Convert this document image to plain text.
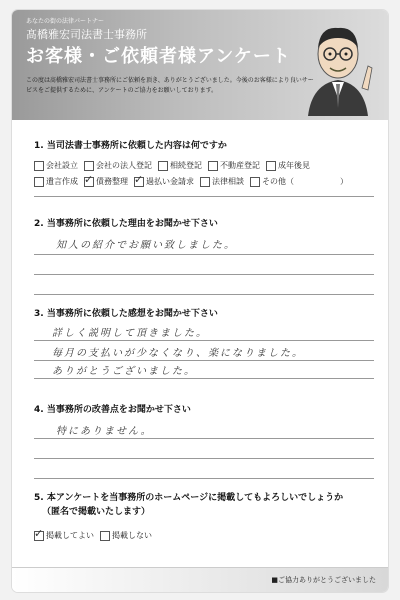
あなたの街の法律パートナー
髙橋雅宏司法書士事務所
お客様・ご依頼者様アンケート
この度は髙橋雅宏司法書士事務所にご依頼を頂き、ありがとうございました。今後のお客様により良いサービスをご提供するために、アンケートのご協力をお願いしております。
1. 当司法書士事務所に依頼した内容は何ですか
会社設立 会社の法人登記 相続登記 不動産登記 成年後見
遺言作成 ✓ 債務整理 ✓ 過払い金請求 法律相談 その他（	）
2. 当事務所に依頼した理由をお聞かせ下さい
知人の紹介でお願い致しました。
3. 当事務所に依頼した感想をお聞かせ下さい
詳しく説明して頂きました。
毎月の支払いが少なくなり、楽になりました。
ありがとうございました。
4. 当事務所の改善点をお聞かせ下さい
特にありません。
5. 本アンケートを当事務所のホームページに掲載してもよろしいでしょうか
（匿名で掲載いたします）
✓
掲載してよい 掲載しない
■ご協力ありがとうございました
